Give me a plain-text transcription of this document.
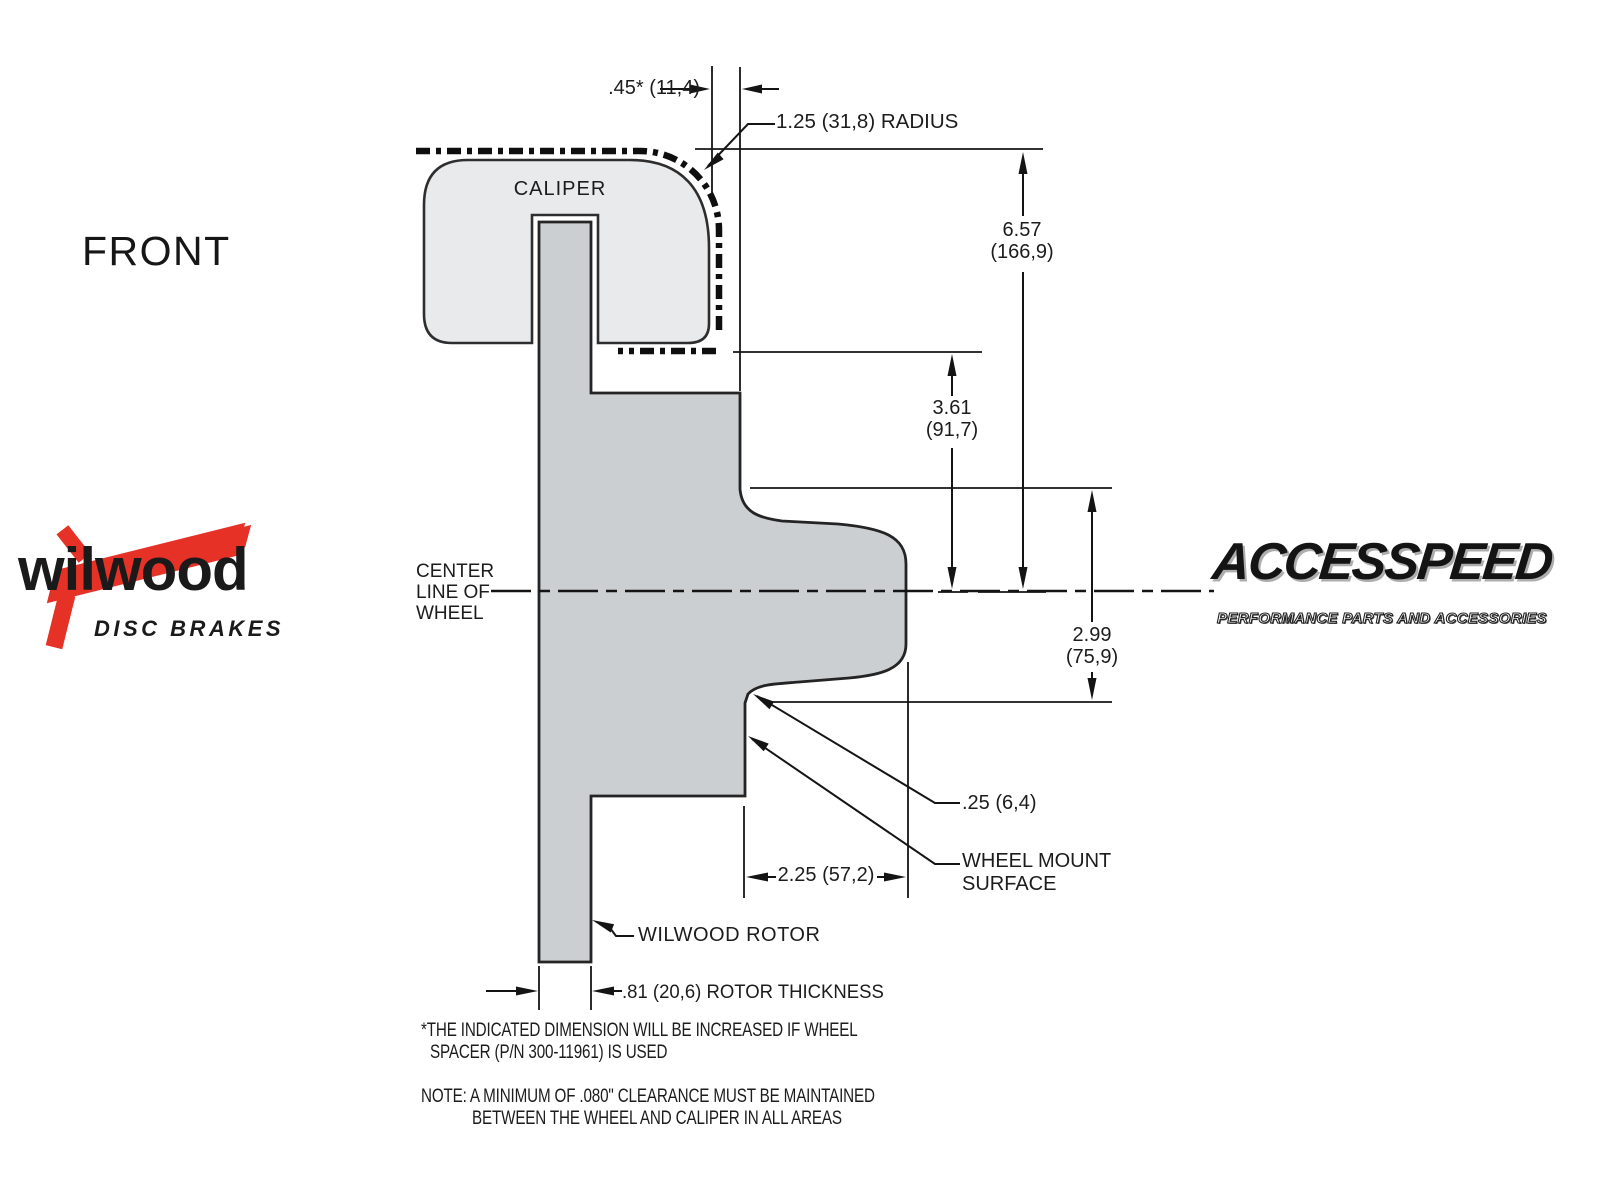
FRONT
CALIPER
.45* (11,4)
1.25 (31,8) RADIUS
6.57
(166,9)
3.61
(91,7)
2.99
(75,9)
CENTER
LINE OF
WHEEL
.25 (6,4)
WHEEL MOUNT
SURFACE
2.25 (57,2)
WILWOOD ROTOR
.81 (20,6) ROTOR THICKNESS
*THE INDICATED DIMENSION WILL BE INCREASED IF WHEEL
SPACER (P/N 300-11961) IS USED
NOTE: A MINIMUM OF .080" CLEARANCE MUST BE MAINTAINED
BETWEEN THE WHEEL AND CALIPER IN ALL AREAS
wilwood
DISC BRAKES
ACCESSPEED
PERFORMANCE PARTS AND ACCESSORIES
